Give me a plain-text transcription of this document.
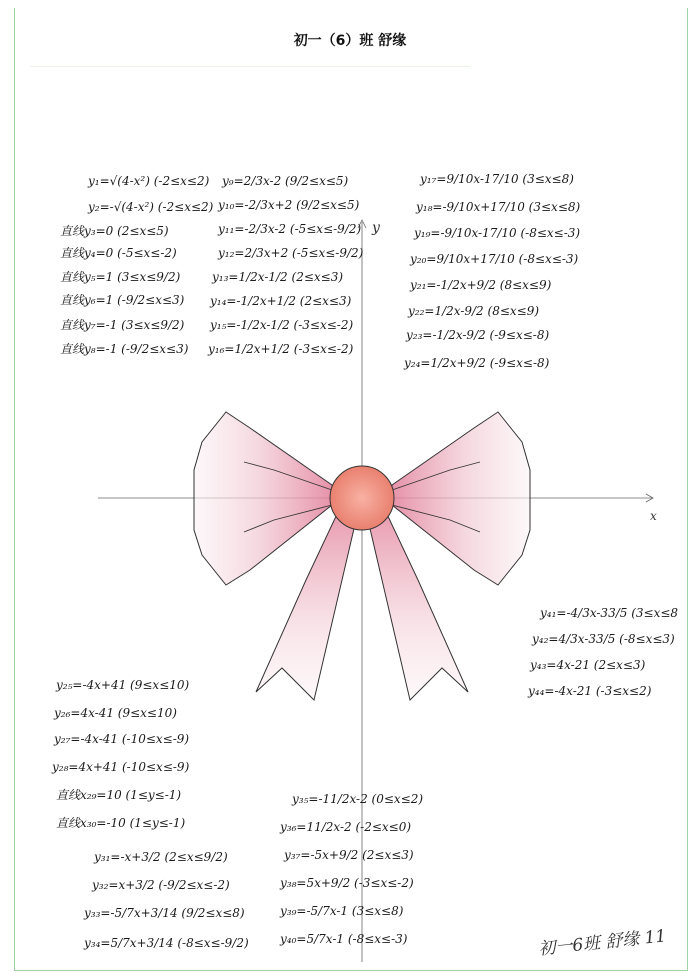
初一（6）班 舒缘
x
y
y₁=√(4-x²) (-2≤x≤2)
y₂=-√(4-x²) (-2≤x≤2)
直线y₃=0 (2≤x≤5)
直线y₄=0 (-5≤x≤-2)
直线y₅=1 (3≤x≤9/2)
直线y₆=1 (-9/2≤x≤3)
直线y₇=-1 (3≤x≤9/2)
直线y₈=-1 (-9/2≤x≤3)
y₉=2/3x-2 (9/2≤x≤5)
y₁₀=-2/3x+2 (9/2≤x≤5)
y₁₁=-2/3x-2 (-5≤x≤-9/2)
y₁₂=2/3x+2 (-5≤x≤-9/2)
y₁₃=1/2x-1/2 (2≤x≤3)
y₁₄=-1/2x+1/2 (2≤x≤3)
y₁₅=-1/2x-1/2 (-3≤x≤-2)
y₁₆=1/2x+1/2 (-3≤x≤-2)
y₁₇=9/10x-17/10 (3≤x≤8)
y₁₈=-9/10x+17/10 (3≤x≤8)
y₁₉=-9/10x-17/10 (-8≤x≤-3)
y₂₀=9/10x+17/10 (-8≤x≤-3)
y₂₁=-1/2x+9/2 (8≤x≤9)
y₂₂=1/2x-9/2 (8≤x≤9)
y₂₃=-1/2x-9/2 (-9≤x≤-8)
y₂₄=1/2x+9/2 (-9≤x≤-8)
y₄₁=-4/3x-33/5 (3≤x≤8
y₄₂=4/3x-33/5 (-8≤x≤3)
y₄₃=4x-21 (2≤x≤3)
y₄₄=-4x-21 (-3≤x≤2)
y₂₅=-4x+41 (9≤x≤10)
y₂₆=4x-41 (9≤x≤10)
y₂₇=-4x-41 (-10≤x≤-9)
y₂₈=4x+41 (-10≤x≤-9)
直线x₂₉=10 (1≤y≤-1)
直线x₃₀=-10 (1≤y≤-1)
y₃₁=-x+3/2 (2≤x≤9/2)
y₃₂=x+3/2 (-9/2≤x≤-2)
y₃₃=-5/7x+3/14 (9/2≤x≤8)
y₃₄=5/7x+3/14 (-8≤x≤-9/2)
y₃₅=-11/2x-2 (0≤x≤2)
y₃₆=11/2x-2 (-2≤x≤0)
y₃₇=-5x+9/2 (2≤x≤3)
y₃₈=5x+9/2 (-3≤x≤-2)
y₃₉=-5/7x-1 (3≤x≤8)
y₄₀=5/7x-1 (-8≤x≤-3)	初一6班 舒缘 11
